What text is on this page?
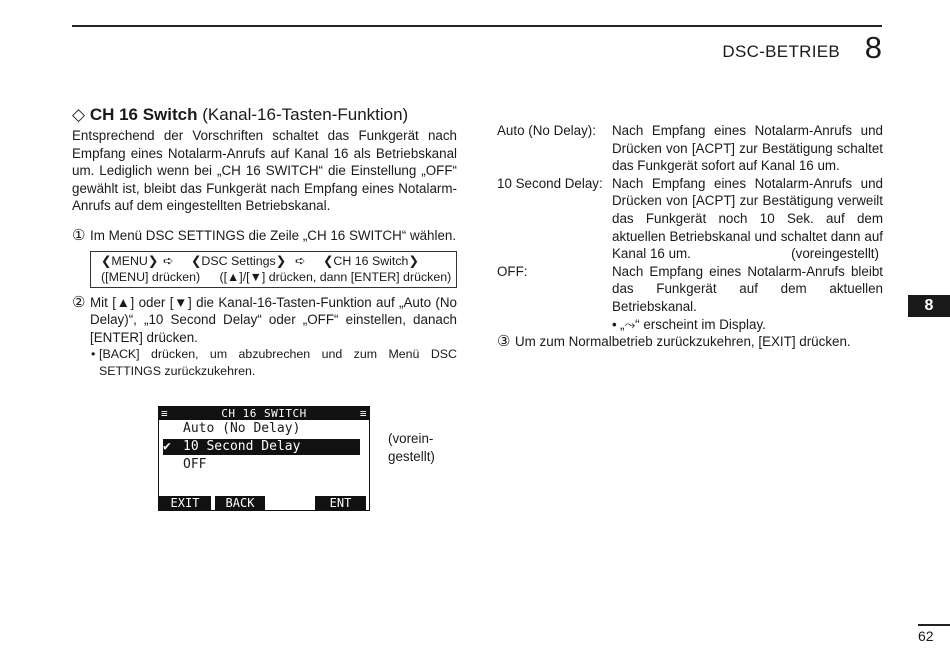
DSC-BETRIEB 8
◇ CH 16 Switch (Kanal-16-Tasten-Funktion)
Entsprechend der Vorschriften schaltet das Funkgerät nach Empfang eines Notalarm-Anrufs auf Kanal 16 als Betriebskanal um. Lediglich wenn bei „CH 16 SWITCH“ die Einstellung „OFF“ gewählt ist, bleibt das Funkgerät nach Empfang eines Notalarm-Anrufs auf dem eingestellten Betriebskanal.
① Im Menü DSC SETTINGS die Zeile „CH 16 SWITCH“ wählen.
❮MENU❯ ➪	❮DSC Settings❯ ➪	❮CH 16 Switch❯
([MENU] drücken) ([▲]/[▼] drücken, dann [ENTER] drücken)
② Mit [▲] oder [▼] die Kanal-16-Tasten-Funktion auf „Auto (No Delay)“, „10 Second Delay“ oder „OFF“ einstellen, danach [ENTER] drücken.
• [BACK] drücken, um abzubrechen und zum Menü DSC SETTINGS zurückzukehren.
≡	CH 16 SWITCH	≡
Auto (No Delay)
✔ 10 Second Delay
OFF
EXIT	BACK	ENT
(vorein-
gestellt)
Auto (No Delay):	Nach Empfang eines Notalarm-Anrufs und Drücken von [ACPT] zur Bestätigung schaltet das Funkgerät sofort auf Kanal 16 um.
10 Second Delay: Nach Empfang eines Notalarm-Anrufs und Drücken von [ACPT] zur Bestätigung verweilt das Funkgerät noch 10 Sek. auf dem aktuellen Betriebskanal und schaltet dann auf Kanal 16 um.	(voreingestellt)
OFF:	Nach Empfang eines Notalarm-Anrufs bleibt das Funkgerät auf dem aktuellen Betriebskanal.
• „⤳“ erscheint im Display.
③ Um zum Normalbetrieb zurückzukehren, [EXIT] drücken.
8
62
